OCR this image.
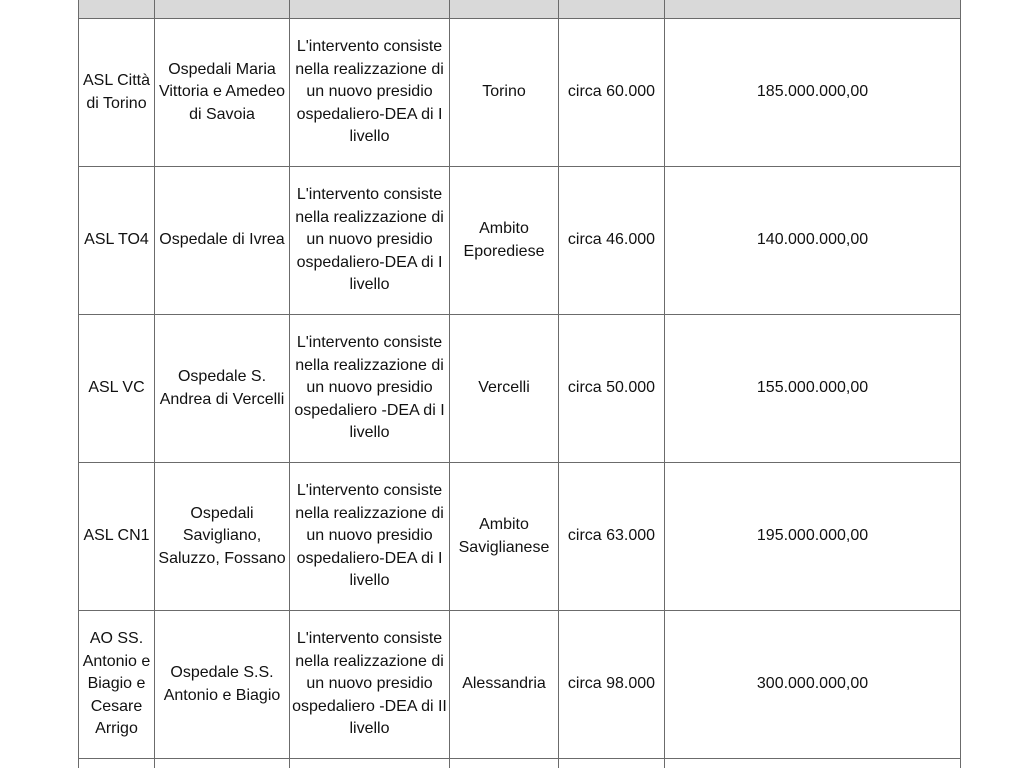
ASL Città di Torino	Ospedali Maria Vittoria e Amedeo di Savoia	L'intervento consiste nella realizzazione di un nuovo presidio ospedaliero-DEA di I livello	Torino	circa 60.000	185.000.000,00
ASL TO4	Ospedale di Ivrea	L'intervento consiste nella realizzazione di un nuovo presidio ospedaliero-DEA di I livello	Ambito Eporediese	circa 46.000	140.000.000,00
ASL VC	Ospedale S. Andrea di Vercelli	L'intervento consiste nella realizzazione di un nuovo presidio ospedaliero -DEA di I livello	Vercelli	circa 50.000	155.000.000,00
ASL CN1	Ospedali Savigliano, Saluzzo, Fossano	L'intervento consiste nella realizzazione di un nuovo presidio ospedaliero-DEA di I livello	Ambito Saviglianese	circa 63.000	195.000.000,00
AO SS. Antonio e Biagio e Cesare Arrigo	Ospedale S.S. Antonio e Biagio	L'intervento consiste nella realizzazione di un nuovo presidio ospedaliero -DEA di II livello	Alessandria	circa 98.000	300.000.000,00
